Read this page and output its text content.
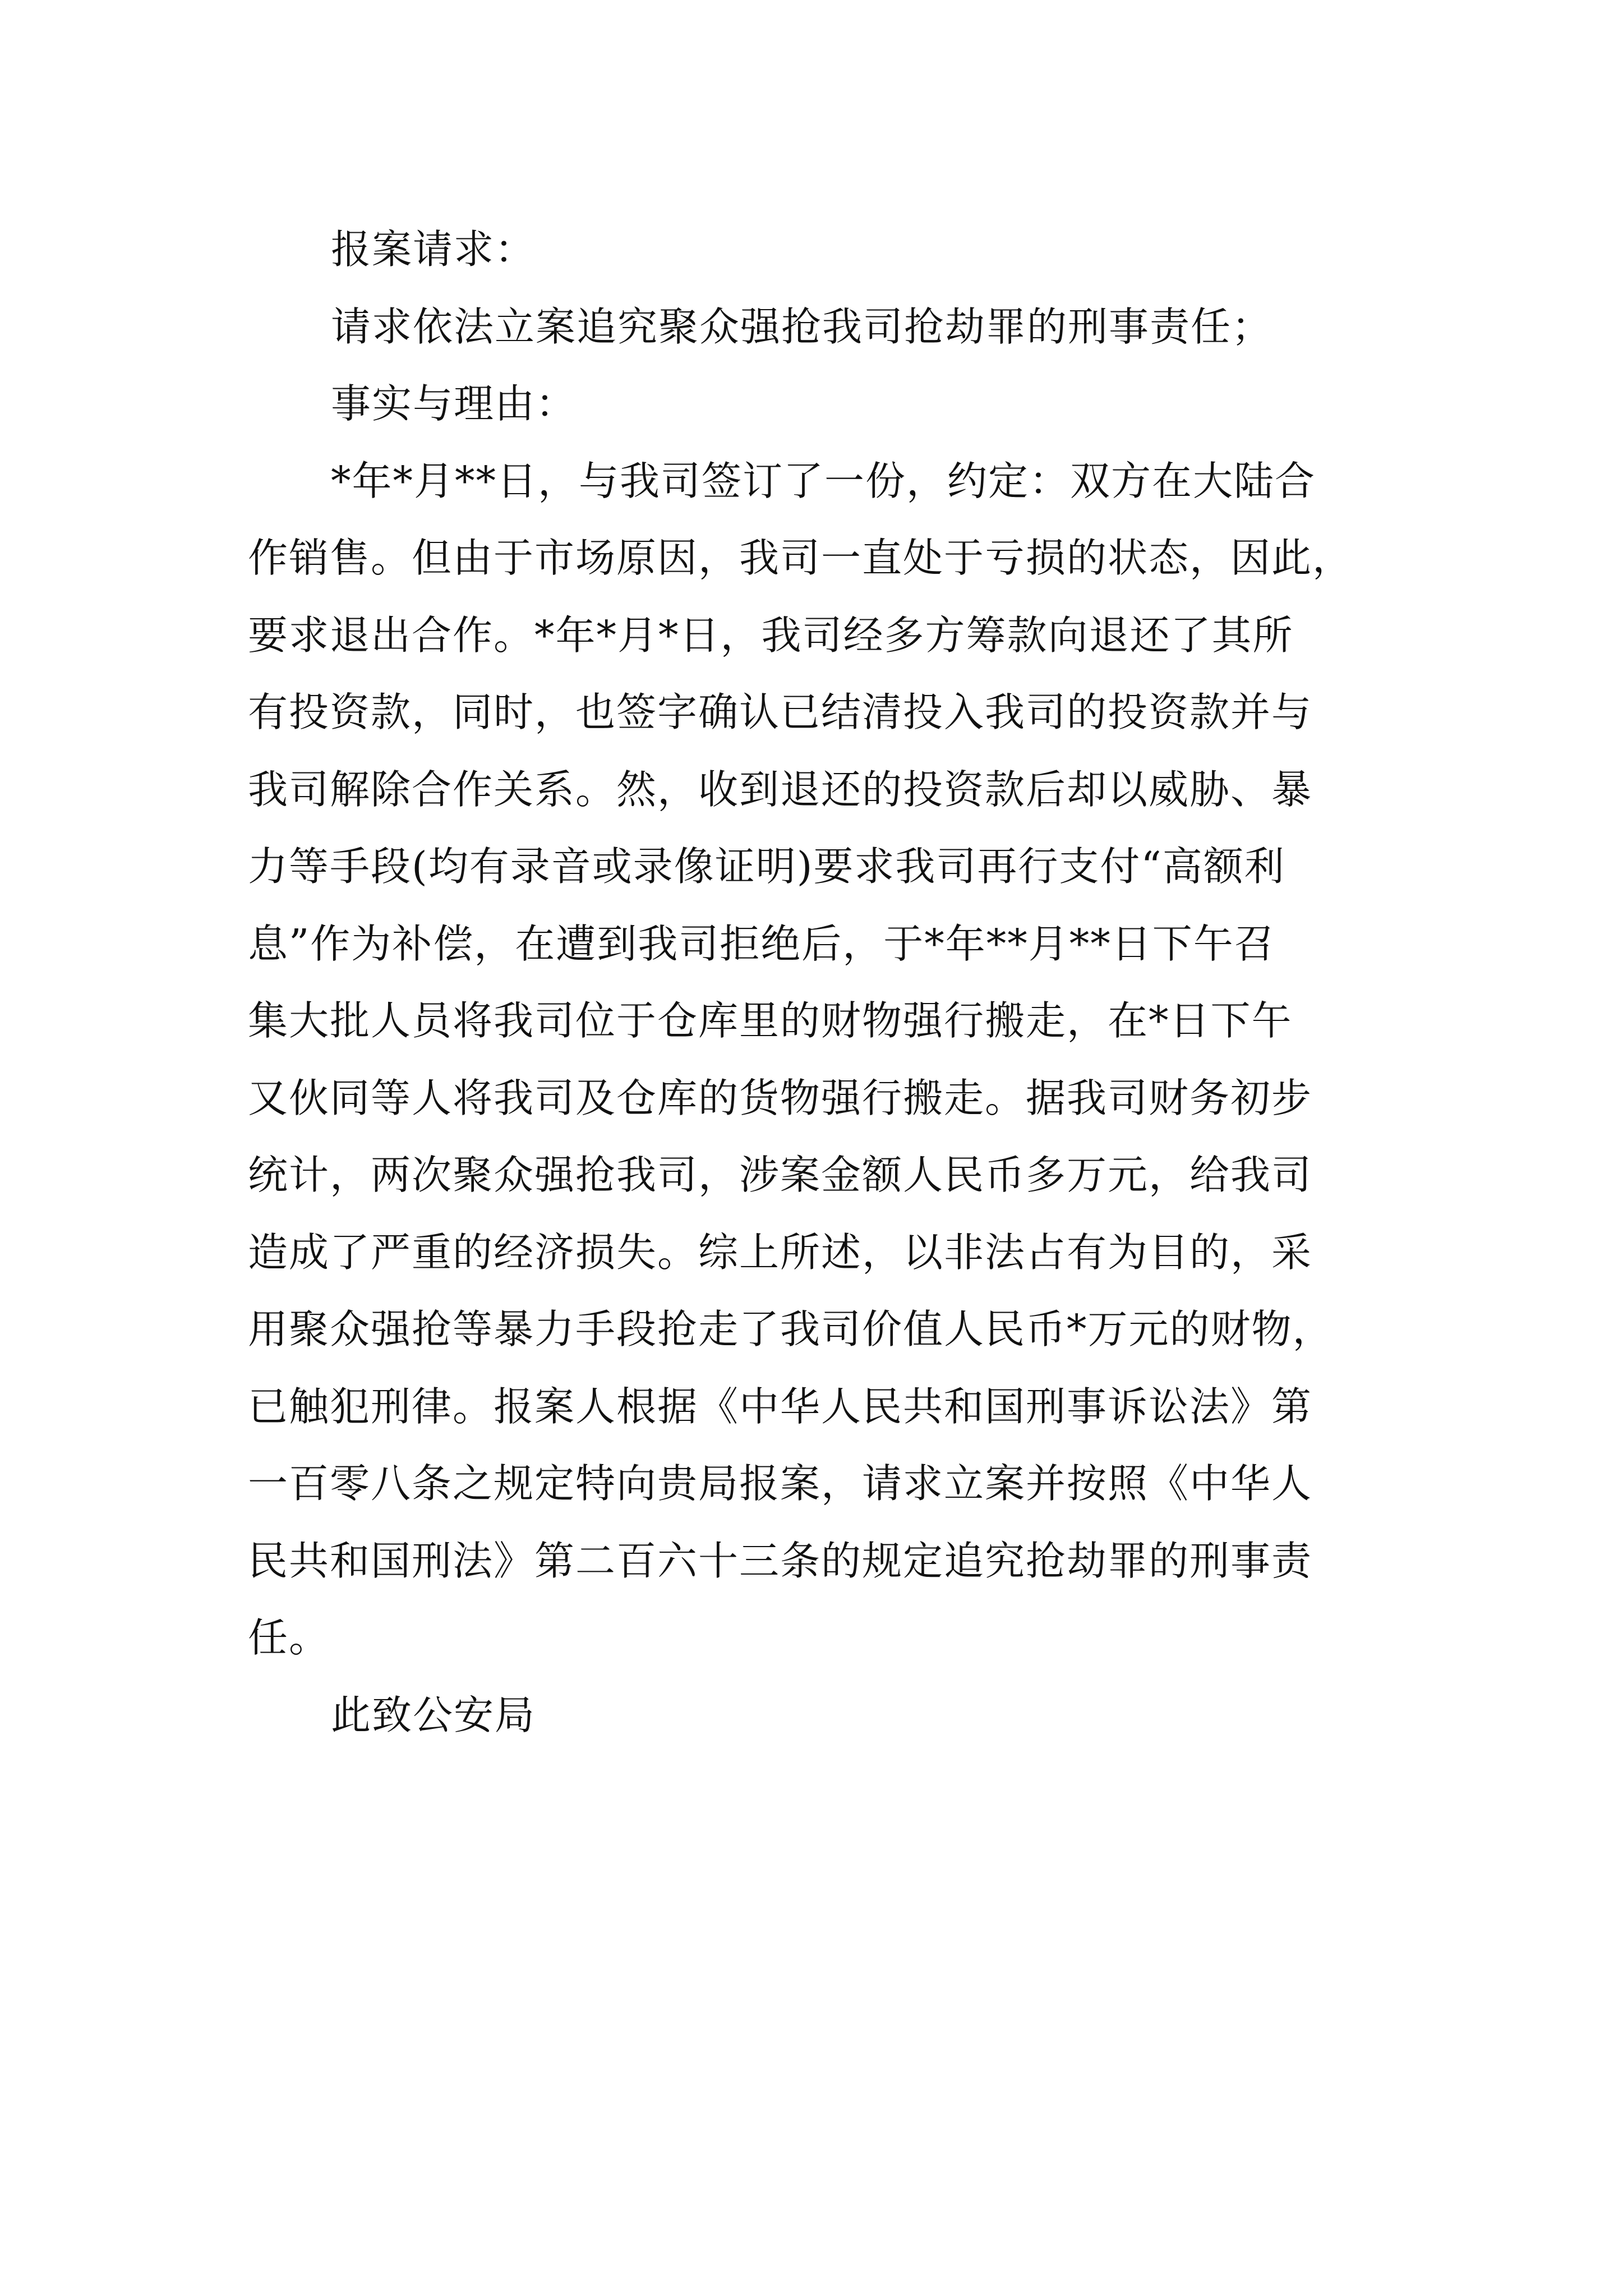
报案请求：
请求依法立案追究聚众强抢我司抢劫罪的刑事责任；
事实与理由：
*年*月**日，与我司签订了一份，约定：双方在大陆合
作销售。但由于市场原因，我司一直处于亏损的状态，因此，
要求退出合作。*年*月*日，我司经多方筹款向退还了其所
有投资款，同时，也签字确认已结清投入我司的投资款并与
我司解除合作关系。然，收到退还的投资款后却以威胁、暴
力等手段(均有录音或录像证明)要求我司再行支付“高额利
息”作为补偿，在遭到我司拒绝后，于*年**月**日下午召
集大批人员将我司位于仓库里的财物强行搬走，在*日下午
又伙同等人将我司及仓库的货物强行搬走。据我司财务初步
统计，两次聚众强抢我司，涉案金额人民币多万元，给我司
造成了严重的经济损失。综上所述，以非法占有为目的，采
用聚众强抢等暴力手段抢走了我司价值人民币*万元的财物，
已触犯刑律。报案人根据《中华人民共和国刑事诉讼法》第
一百零八条之规定特向贵局报案，请求立案并按照《中华人
民共和国刑法》第二百六十三条的规定追究抢劫罪的刑事责
任。
此致公安局
